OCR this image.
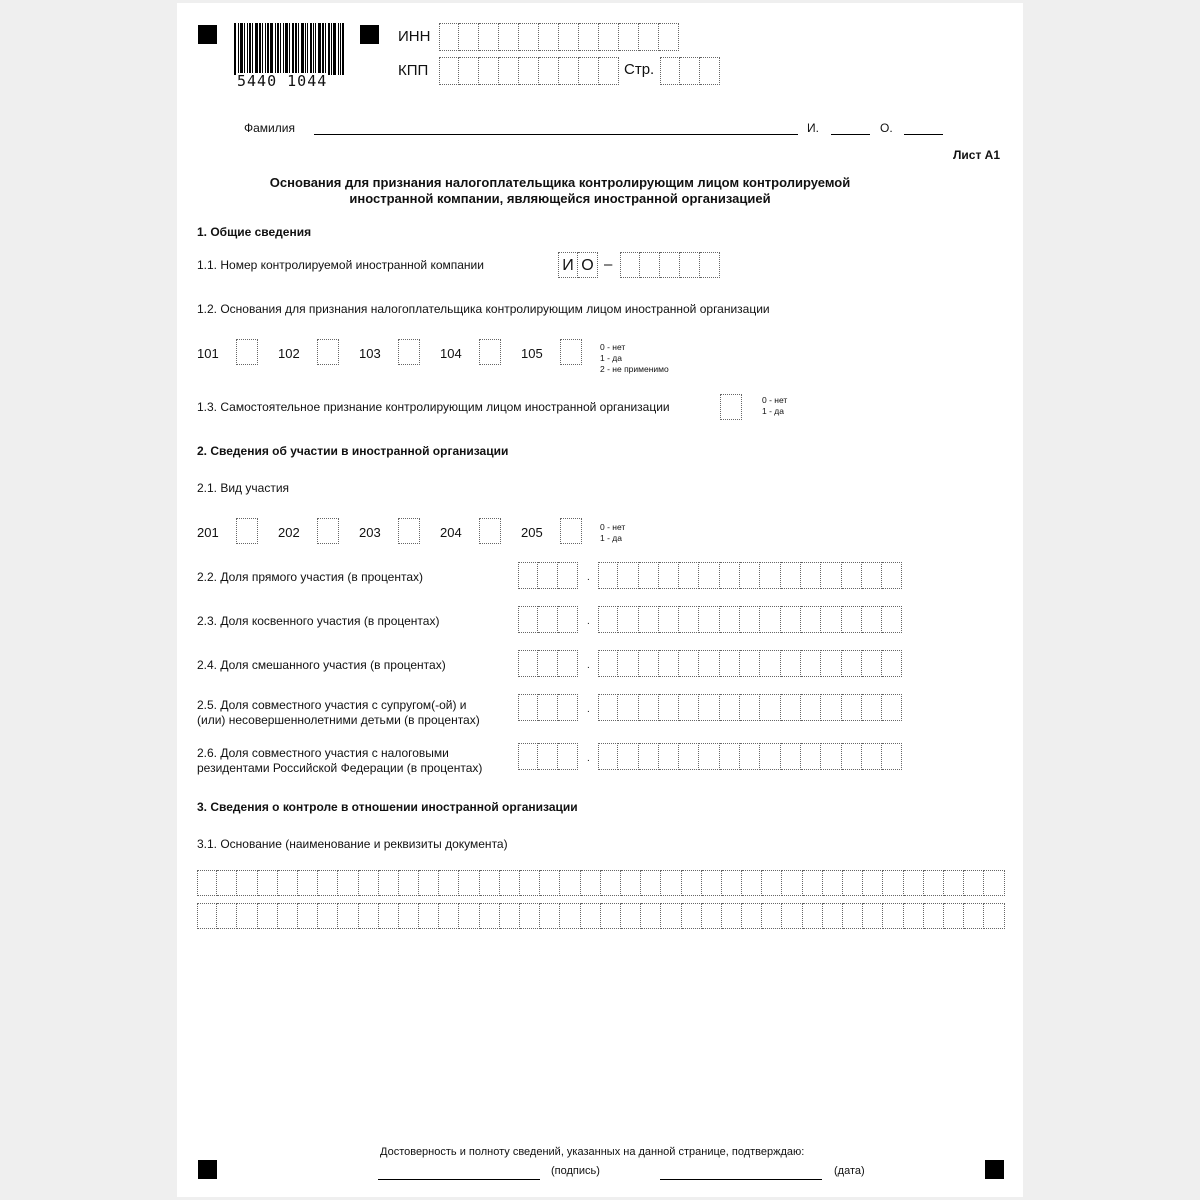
5440 1044
ИНН
КПП	Стр.
Фамилия	И.	О.
Лист А1
Основания для признания налогоплательщика контролирующим лицом контролируемой
иностранной компании, являющейся иностранной организацией
1. Общие сведения
1.1. Номер контролируемой иностранной компании	И О –
1.2. Основания для признания налогоплательщика контролирующим лицом иностранной организации
101	102	103	104	105	0 - нет
1 - да
2 - не применимо
1.3. Самостоятельное признание контролирующим лицом иностранной организации	0 - нет
1 - да
2. Сведения об участии в иностранной организации
2.1. Вид участия
201	202	203	204	205	0 - нет
1 - да
2.2. Доля прямого участия (в процентах)
2.3. Доля косвенного участия (в процентах)
2.4. Доля смешанного участия (в процентах)
2.5. Доля совместного участия с супругом(-ой) и
(или) несовершеннолетними детьми (в процентах)
2.6. Доля совместного участия с налоговыми
резидентами Российской Федерации (в процентах)
.
.
.
.
.
3. Сведения о контроле в отношении иностранной организации
3.1. Основание (наименование и реквизиты документа)
Достоверность и полноту сведений, указанных на данной странице, подтверждаю:
(подпись)	(дата)
